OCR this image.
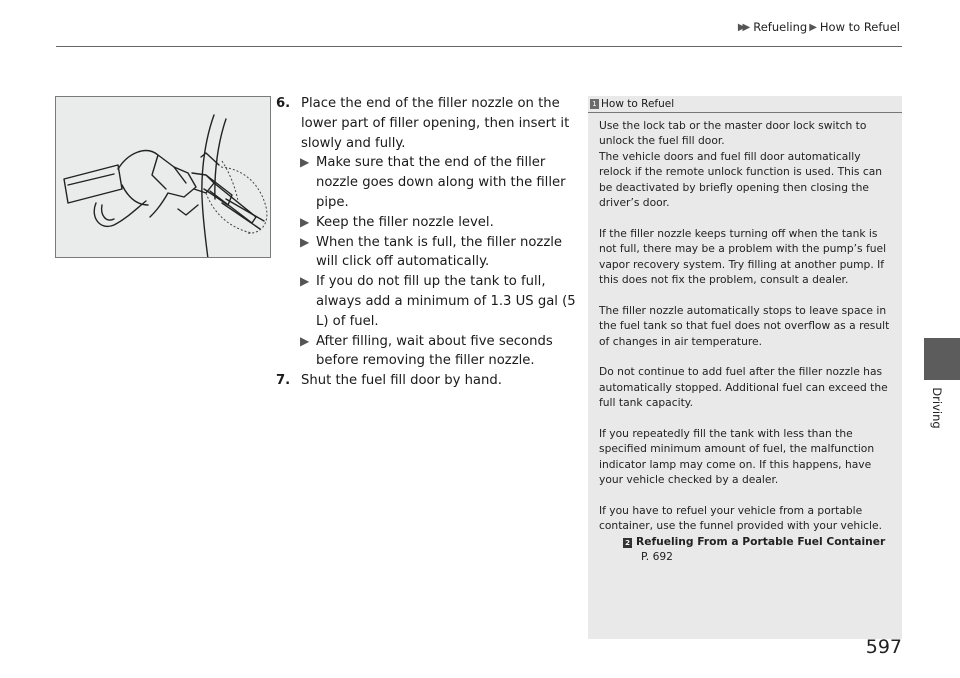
▶▶ Refueling ▶ How to Refuel
Driving
6. Place the end of the filler nozzle on the lower part of filler opening, then insert it slowly and fully.
▶ Make sure that the end of the filler nozzle goes down along with the filler pipe.
▶ Keep the filler nozzle level.
▶ When the tank is full, the filler nozzle will click off automatically.
▶ If you do not fill up the tank to full, always add a minimum of 1.3 US gal (5 L) of fuel.
▶ After filling, wait about five seconds before removing the filler nozzle.
7. Shut the fuel fill door by hand.
1 How to Refuel

Use the lock tab or the master door lock switch to unlock the fuel fill door.
The vehicle doors and fuel fill door automatically relock if the remote unlock function is used. This can be deactivated by briefly opening then closing the driver’s door.

If the filler nozzle keeps turning off when the tank is not full, there may be a problem with the pump’s fuel vapor recovery system. Try filling at another pump. If this does not fix the problem, consult a dealer.

The filler nozzle automatically stops to leave space in the fuel tank so that fuel does not overflow as a result of changes in air temperature.

Do not continue to add fuel after the filler nozzle has automatically stopped. Additional fuel can exceed the full tank capacity.

If you repeatedly fill the tank with less than the specified minimum amount of fuel, the malfunction indicator lamp may come on. If this happens, have your vehicle checked by a dealer.

If you have to refuel your vehicle from a portable container, use the funnel provided with your vehicle.

2 Refueling From a Portable Fuel Container
P. 692
597
